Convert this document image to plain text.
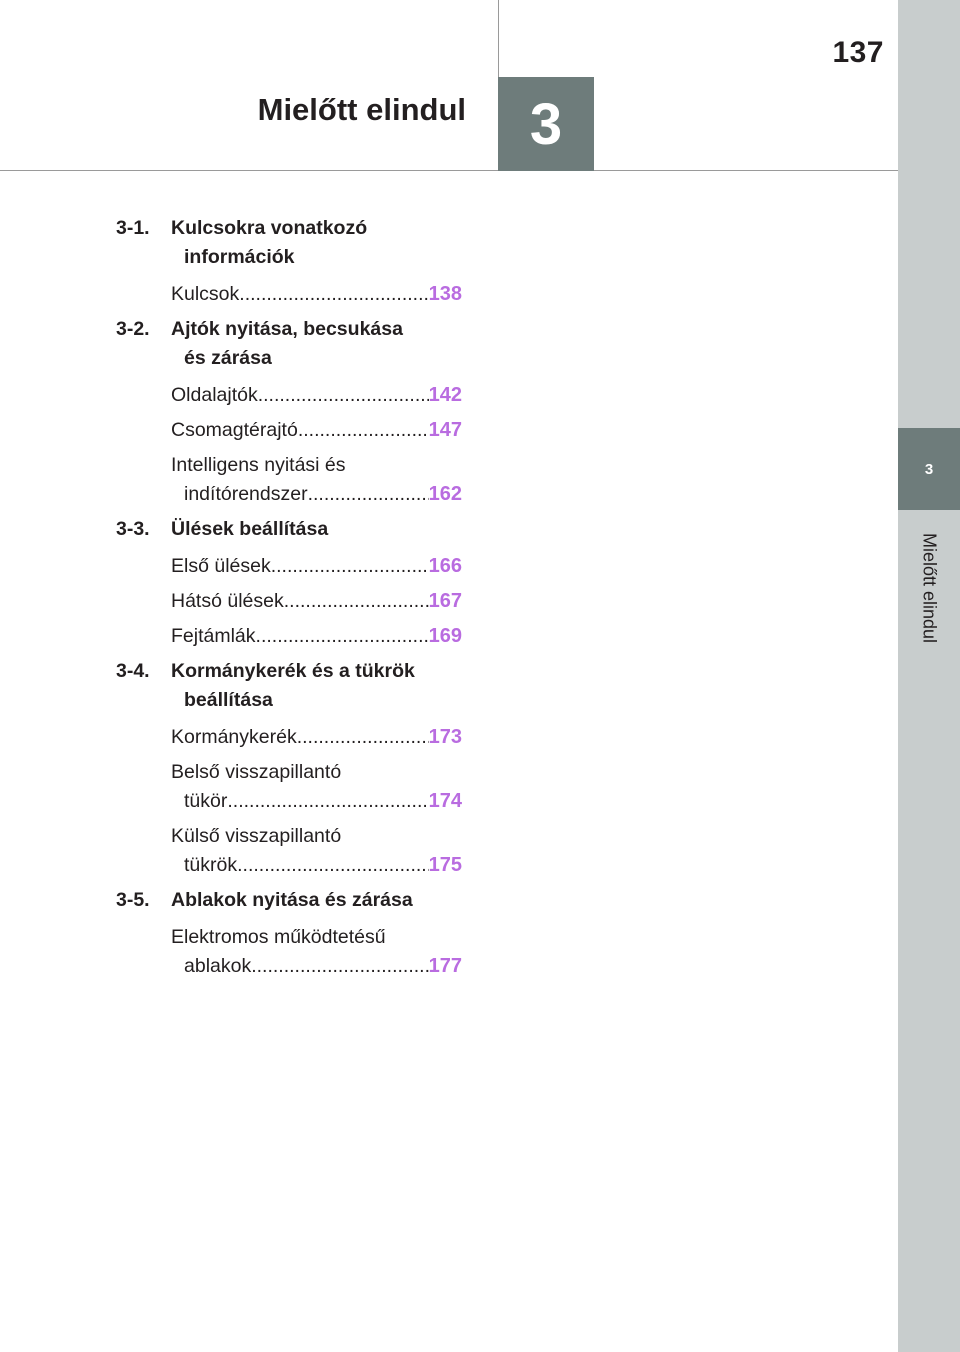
137
Mielőtt elindul	3
3
Mielőtt elindul
3-1. Kulcsokra vonatkozó
információk
Kulcsok .....	138
3-2. Ajtók nyitása, becsukása
és zárása
Oldalajtók .....	142
Csomagtérajtó .....	147
Intelligens nyitási és
indítórendszer .....	162
3-3. Ülések beállítása
Első ülések .....	166
Hátsó ülések .....	167
Fejtámlák .....	169
3-4. Kormánykerék és a tükrök
beállítása
Kormánykerék .....	173
Belső visszapillantó
tükör .....	174
Külső visszapillantó
tükrök .....	175
3-5. Ablakok nyitása és zárása
Elektromos működtetésű
ablakok .....	177
